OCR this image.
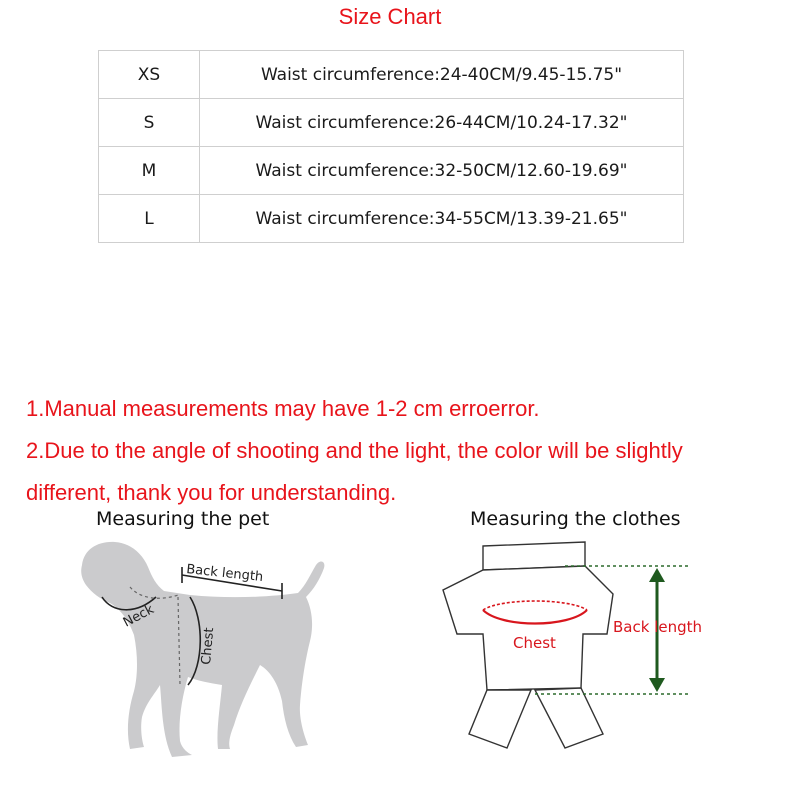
Size Chart
XS	Waist circumference:24-40CM/9.45-15.75"
S	Waist circumference:26-44CM/10.24-17.32"
M	Waist circumference:32-50CM/12.60-19.69"
L	Waist circumference:34-55CM/13.39-21.65"

1.Manual measurements may have 1-2 cm erroerror.

2.Due to the angle of shooting and the light, the color will be slightly

different, thank you for understanding.

Measuring the pet	Measuring the clothes
Back length
Neck
Chest	Chest
Back length
